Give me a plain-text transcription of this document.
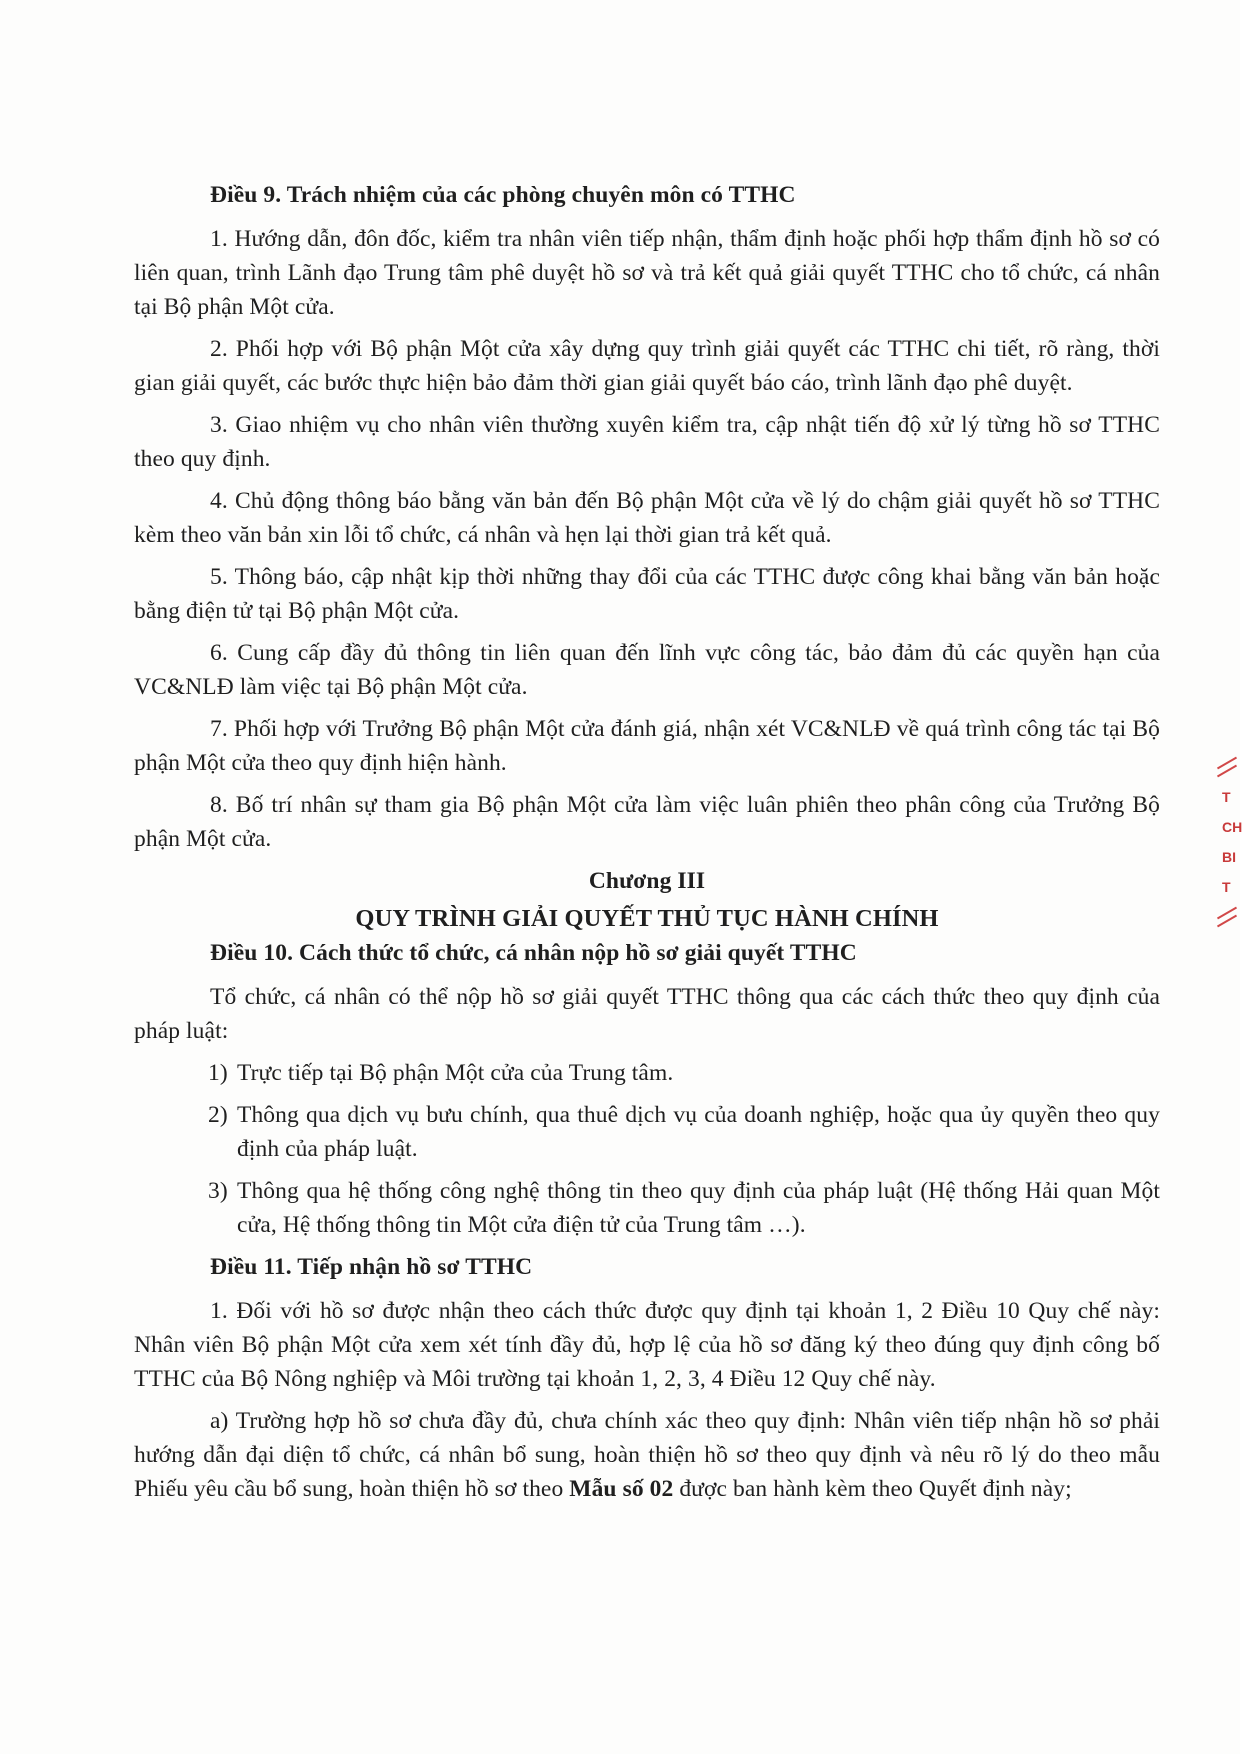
Điều 9. Trách nhiệm của các phòng chuyên môn có TTHC

1. Hướng dẫn, đôn đốc, kiểm tra nhân viên tiếp nhận, thẩm định hoặc phối hợp thẩm định hồ sơ có liên quan, trình Lãnh đạo Trung tâm phê duyệt hồ sơ và trả kết quả giải quyết TTHC cho tổ chức, cá nhân tại Bộ phận Một cửa.

2. Phối hợp với Bộ phận Một cửa xây dựng quy trình giải quyết các TTHC chi tiết, rõ ràng, thời gian giải quyết, các bước thực hiện bảo đảm thời gian giải quyết báo cáo, trình lãnh đạo phê duyệt.

3. Giao nhiệm vụ cho nhân viên thường xuyên kiểm tra, cập nhật tiến độ xử lý từng hồ sơ TTHC theo quy định.

4. Chủ động thông báo bằng văn bản đến Bộ phận Một cửa về lý do chậm giải quyết hồ sơ TTHC kèm theo văn bản xin lỗi tổ chức, cá nhân và hẹn lại thời gian trả kết quả.

5. Thông báo, cập nhật kịp thời những thay đổi của các TTHC được công khai bằng văn bản hoặc bằng điện tử tại Bộ phận Một cửa.

6. Cung cấp đầy đủ thông tin liên quan đến lĩnh vực công tác, bảo đảm đủ các quyền hạn của VC&NLĐ làm việc tại Bộ phận Một cửa.

7. Phối hợp với Trưởng Bộ phận Một cửa đánh giá, nhận xét VC&NLĐ về quá trình công tác tại Bộ phận Một cửa theo quy định hiện hành.

8. Bố trí nhân sự tham gia Bộ phận Một cửa làm việc luân phiên theo phân công của Trưởng Bộ phận Một cửa.

Chương III
QUY TRÌNH GIẢI QUYẾT THỦ TỤC HÀNH CHÍNH
Điều 10. Cách thức tổ chức, cá nhân nộp hồ sơ giải quyết TTHC

Tổ chức, cá nhân có thể nộp hồ sơ giải quyết TTHC thông qua các cách thức theo quy định của pháp luật:

1) Trực tiếp tại Bộ phận Một cửa của Trung tâm.
2) Thông qua dịch vụ bưu chính, qua thuê dịch vụ của doanh nghiệp, hoặc qua ủy quyền theo quy định của pháp luật.
3) Thông qua hệ thống công nghệ thông tin theo quy định của pháp luật (Hệ thống Hải quan Một cửa, Hệ thống thông tin Một cửa điện tử của Trung tâm …).
Điều 11. Tiếp nhận hồ sơ TTHC

1. Đối với hồ sơ được nhận theo cách thức được quy định tại khoản 1, 2 Điều 10 Quy chế này: Nhân viên Bộ phận Một cửa xem xét tính đầy đủ, hợp lệ của hồ sơ đăng ký theo đúng quy định công bố TTHC của Bộ Nông nghiệp và Môi trường tại khoản 1, 2, 3, 4 Điều 12 Quy chế này.

a) Trường hợp hồ sơ chưa đầy đủ, chưa chính xác theo quy định: Nhân viên tiếp nhận hồ sơ phải hướng dẫn đại diện tổ chức, cá nhân bổ sung, hoàn thiện hồ sơ theo quy định và nêu rõ lý do theo mẫu Phiếu yêu cầu bổ sung, hoàn thiện hồ sơ theo Mẫu số 02 được ban hành kèm theo Quyết định này;

T
CH
BI
T
